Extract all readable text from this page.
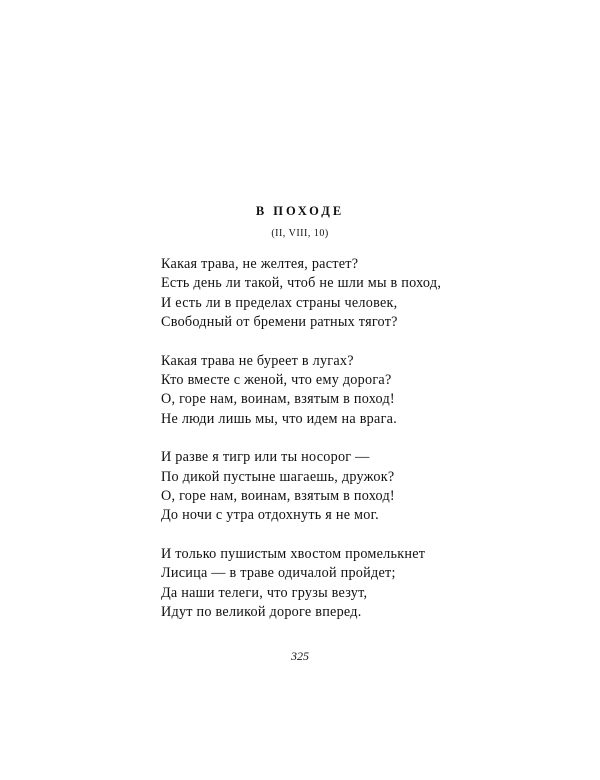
В ПОХОДЕ
(II, VIII, 10)
Какая трава, не желтея, растет?
Есть день ли такой, чтоб не шли мы в поход,
И есть ли в пределах страны человек,
Свободный от бремени ратных тягот?
Какая трава не буреет в лугах?
Кто вместе с женой, что ему дорога?
О, горе нам, воинам, взятым в поход!
Не люди лишь мы, что идем на врага.
И разве я тигр или ты носорог —
По дикой пустыне шагаешь, дружок?
О, горе нам, воинам, взятым в поход!
До ночи с утра отдохнуть я не мог.
И только пушистым хвостом промелькнет
Лисица — в траве одичалой пройдет;
Да наши телеги, что грузы везут,
Идут по великой дороге вперед.
325
